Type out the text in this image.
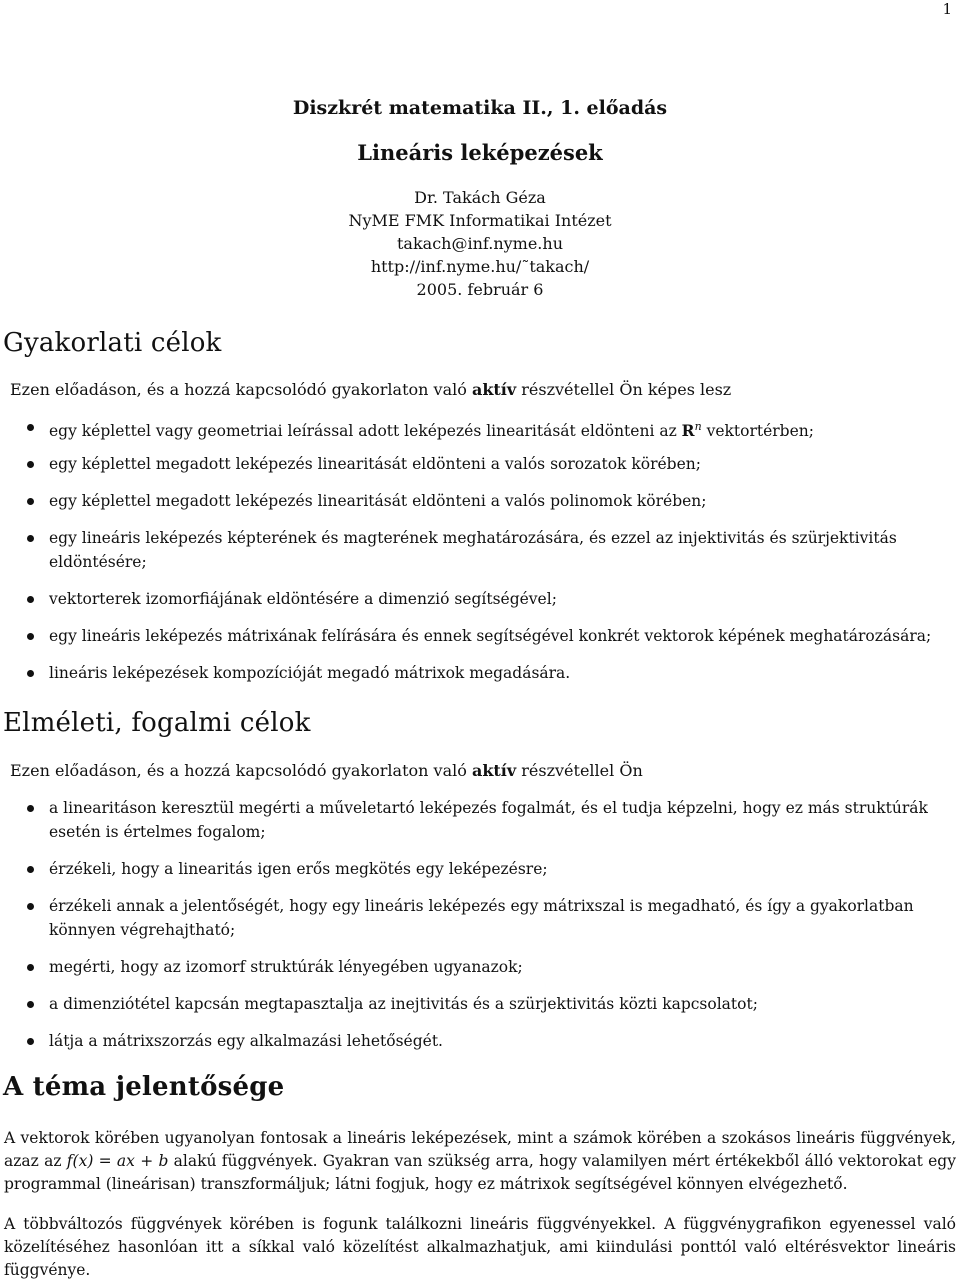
1
Diszkrét matematika II., 1. előadás
Lineáris leképezések
Dr. Takách Géza
NyME FMK Informatikai Intézet
takach@inf.nyme.hu
http://inf.nyme.hu/˜takach/
2005. február 6
Gyakorlati célok
Ezen előadáson, és a hozzá kapcsolódó gyakorlaton való aktív részvétellel Ön képes lesz
egy képlettel vagy geometriai leírással adott leképezés linearitását eldönteni az $R^n$ vektortérben;
egy képlettel megadott leképezés linearitását eldönteni a valós sorozatok körében;
egy képlettel megadott leképezés linearitását eldönteni a valós polinomok körében;
egy lineáris leképezés képterének és magterének meghatározására, és ezzel az injektivitás és szürjektivitás eldöntésére;
vektorterek izomorfiájának eldöntésére a dimenzió segítségével;
egy lineáris leképezés mátrixának felírására és ennek segítségével konkrét vektorok képének meghatározására;
lineáris leképezések kompozícióját megadó mátrixok megadására.
Elméleti, fogalmi célok
Ezen előadáson, és a hozzá kapcsolódó gyakorlaton való aktív részvétellel Ön
a linearitáson keresztül megérti a műveletartó leképezés fogalmát, és el tudja képzelni, hogy ez más struktúrák esetén is értelmes fogalom;
érzékeli, hogy a linearitás igen erős megkötés egy leképezésre;
érzékeli annak a jelentőségét, hogy egy lineáris leképezés egy mátrixszal is megadható, és így a gyakorlatban könnyen végrehajtható;
megérti, hogy az izomorf struktúrák lényegében ugyanazok;
a dimenziótétel kapcsán megtapasztalja az inejtivitás és a szürjektivitás közti kapcsolatot;
látja a mátrixszorzás egy alkalmazási lehetőségét.
A téma jelentősége
A vektorok körében ugyanolyan fontosak a lineáris leképezések, mint a számok körében a szokásos lineáris függvények, azaz az f(x) = ax + b alakú függvények. Gyakran van szükség arra, hogy valamilyen mért értékekből álló vektorokat egy programmal (lineárisan) transzformáljuk; látni fogjuk, hogy ez mátrixok segítségével könnyen elvégezhető.
A többváltozós függvények körében is fogunk találkozni lineáris függvényekkel. A függvénygrafikon egyenessel való közelítéséhez hasonlóan itt a síkkal való közelítést alkalmazhatjuk, ami kiindulási ponttól való eltérésvektor lineáris függvénye.
